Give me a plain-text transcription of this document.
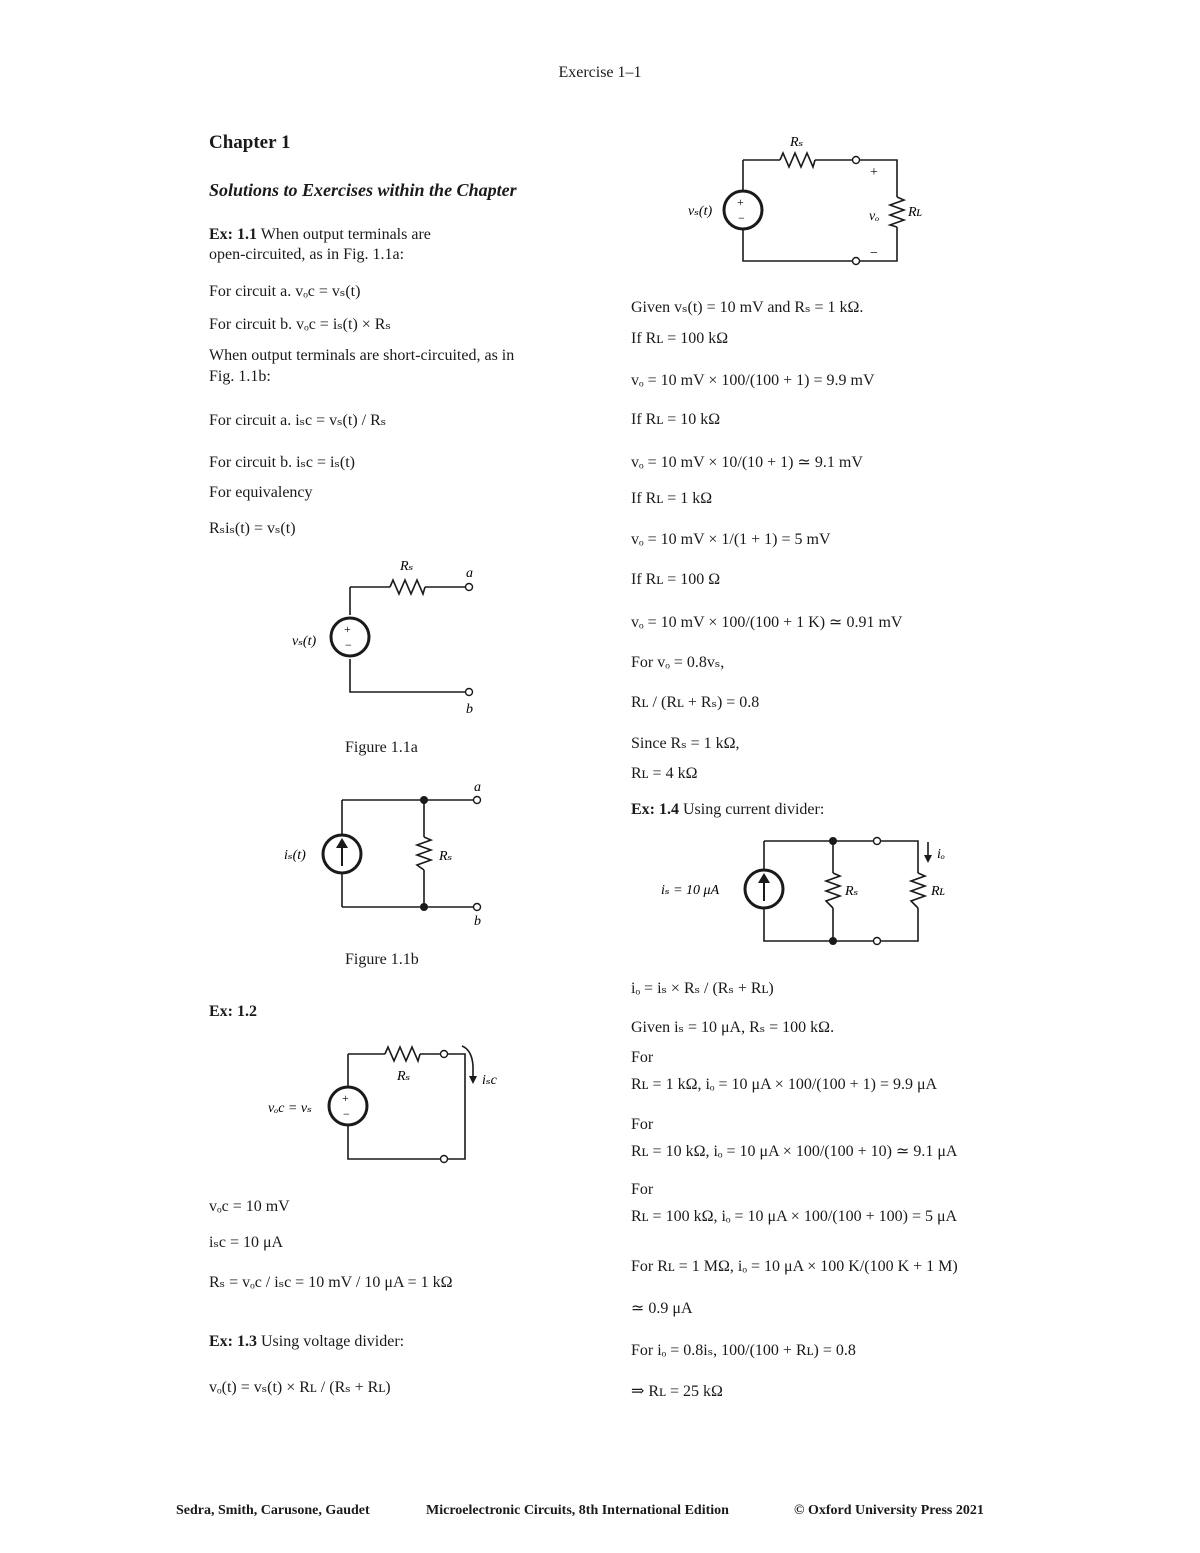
Exercise 1–1
Chapter 1
Solutions to Exercises within the Chapter
Ex: 1.1 When output terminals are
open-circuited, as in Fig. 1.1a:
For circuit a. vₒc = vₛ(t)
For circuit b. vₒc = iₛ(t) × Rₛ
When output terminals are short-circuited, as in
Fig. 1.1b:
For circuit a. iₛc = vₛ(t) / Rₛ
For circuit b. iₛc = iₛ(t)
For equivalency
Rₛiₛ(t) = vₛ(t)
+
−
Rₛ	a
b
vₛ(t)
Figure 1.1a
Rₛ
a
b
iₛ(t)
Figure 1.1b
Ex: 1.2
+
−
Rₛ	iₛc
vₒc = vₛ
vₒc = 10 mV
iₛc = 10 μA
Rₛ = vₒc / iₛc = 10 mV / 10 μA = 1 kΩ
Ex: 1.3 Using voltage divider:
vₒ(t) = vₛ(t) × Rʟ / (Rₛ + Rʟ)
+
−
Rₛ
Rʟ
+
−
vₒ
vₛ(t)
Given vₛ(t) = 10 mV and Rₛ = 1 kΩ.
If Rʟ = 100 kΩ
vₒ = 10 mV × 100/(100 + 1) = 9.9 mV
If Rʟ = 10 kΩ
vₒ = 10 mV × 10/(10 + 1) ≃ 9.1 mV
If Rʟ = 1 kΩ
vₒ = 10 mV × 1/(1 + 1) = 5 mV
If Rʟ = 100 Ω
vₒ = 10 mV × 100/(100 + 1 K) ≃ 0.91 mV
For vₒ = 0.8vₛ,
Rʟ / (Rʟ + Rₛ) = 0.8
Since Rₛ = 1 kΩ,
Rʟ = 4 kΩ
Ex: 1.4 Using current divider:
iₒ
Rₛ	Rʟ
iₛ = 10 μA
iₒ = iₛ × Rₛ / (Rₛ + Rʟ)
Given iₛ = 10 μA, Rₛ = 100 kΩ.
For
Rʟ = 1 kΩ, iₒ = 10 μA × 100/(100 + 1) = 9.9 μA
For
Rʟ = 10 kΩ, iₒ = 10 μA × 100/(100 + 10) ≃ 9.1 μA
For
Rʟ = 100 kΩ, iₒ = 10 μA × 100/(100 + 100) = 5 μA
For Rʟ = 1 MΩ, iₒ = 10 μA × 100 K/(100 K + 1 M)
≃ 0.9 μA
For iₒ = 0.8iₛ, 100/(100 + Rʟ) = 0.8
⇒ Rʟ = 25 kΩ
Sedra, Smith, Carusone, Gaudet	Microelectronic Circuits, 8th International Edition	© Oxford University Press 2021
